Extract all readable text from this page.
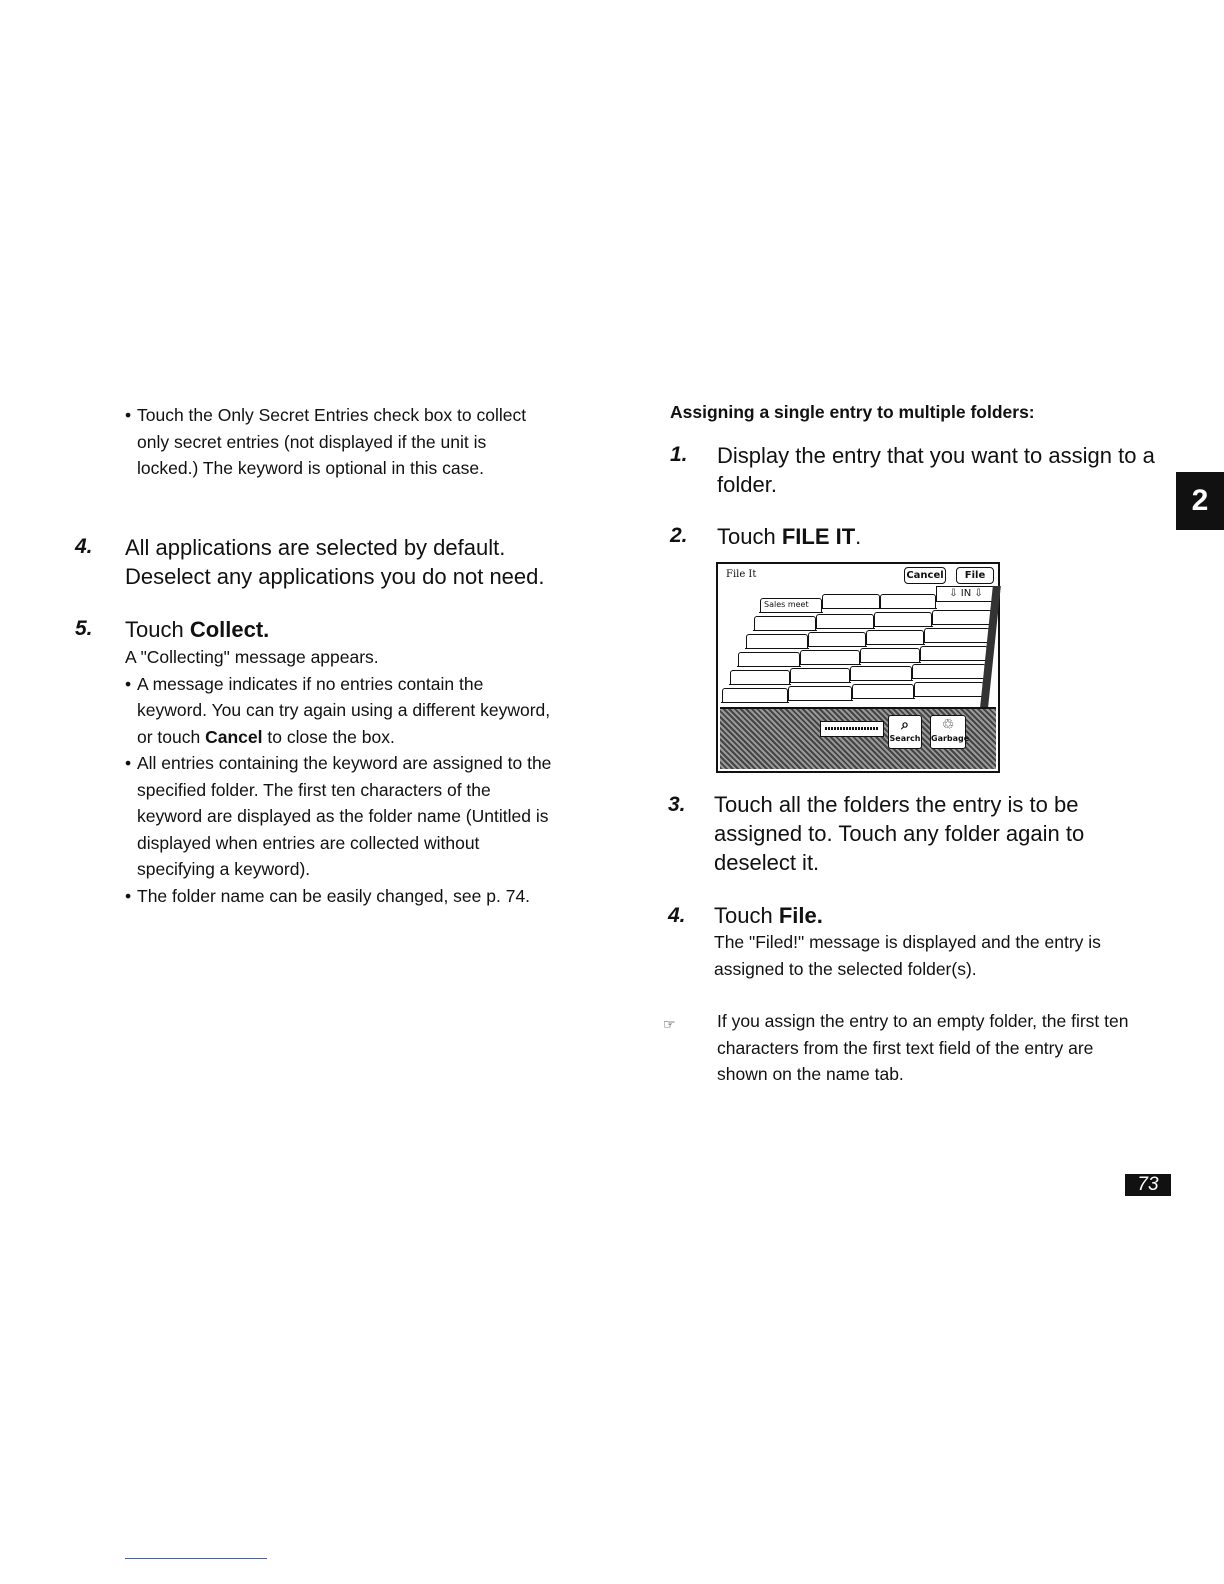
• Touch the Only Secret Entries check box to collect only secret entries (not displayed if the unit is locked.) The keyword is optional in this case.
4. All applications are selected by default. Deselect any applications you do not need.
5. Touch Collect.
A "Collecting" message appears.
• A message indicates if no entries contain the keyword. You can try again using a different keyword, or touch Cancel to close the box.
• All entries containing the keyword are assigned to the specified folder. The first ten characters of the keyword are displayed as the folder name (Untitled is displayed when entries are collected without specifying a keyword).
• The folder name can be easily changed, see p. 74.
Assigning a single entry to multiple folders:
1. Display the entry that you want to assign to a folder.
2. Touch FILE IT.
File It	Cancel	File
⇩ IN ⇩
Sales meet
⌕
Search
♲
Garbage
3. Touch all the folders the entry is to be assigned to. Touch any folder again to deselect it.
4. Touch File.
The "Filed!" message is displayed and the entry is assigned to the selected folder(s).
☞ If you assign the entry to an empty folder, the first ten characters from the first text field of the entry are shown on the name tab.
2
73
